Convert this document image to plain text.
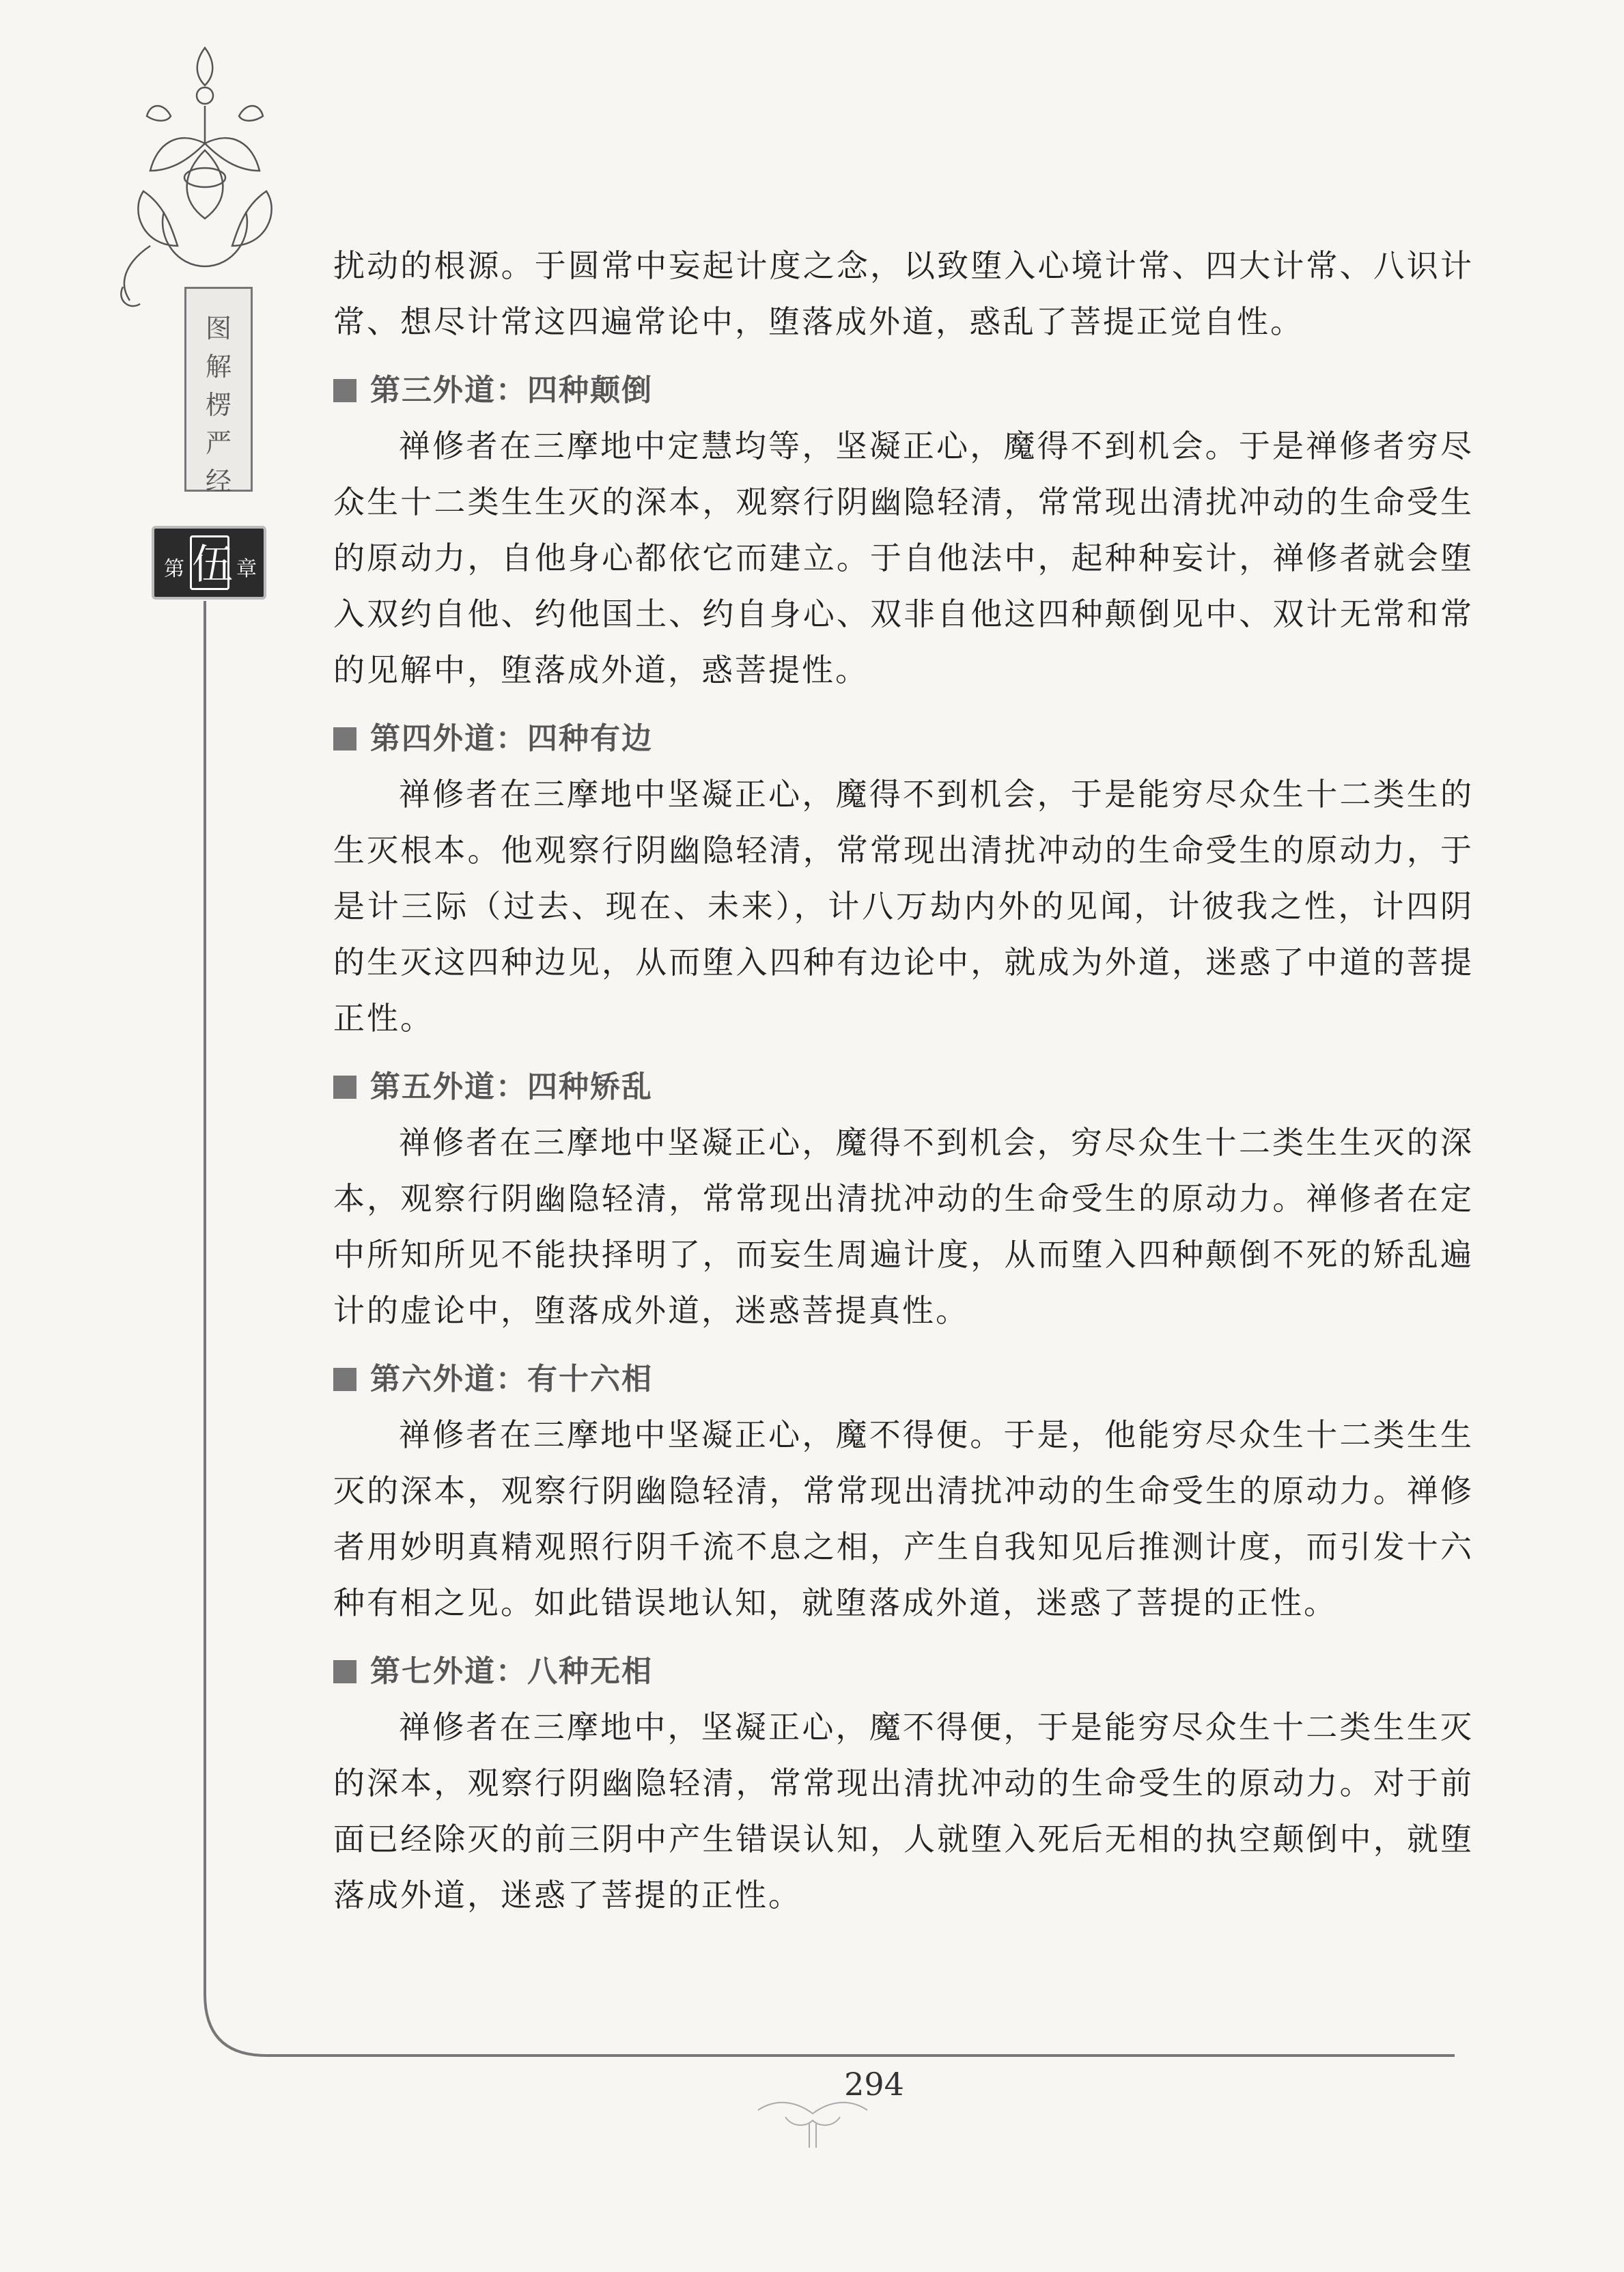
图
解
楞
严
经
第 伍 章

扰动的根源。于圆常中妄起计度之念，以致堕入心境计常、四大计常、八识计常、想尽计常这四遍常论中，堕落成外道，惑乱了菩提正觉自性。

第三外道：四种颠倒

禅修者在三摩地中定慧均等，坚凝正心，魔得不到机会。于是禅修者穷尽众生十二类生生灭的深本，观察行阴幽隐轻清，常常现出清扰冲动的生命受生的原动力，自他身心都依它而建立。于自他法中，起种种妄计，禅修者就会堕入双约自他、约他国土、约自身心、双非自他这四种颠倒见中、双计无常和常的见解中，堕落成外道，惑菩提性。

第四外道：四种有边

禅修者在三摩地中坚凝正心，魔得不到机会，于是能穷尽众生十二类生的生灭根本。他观察行阴幽隐轻清，常常现出清扰冲动的生命受生的原动力，于是计三际（过去、现在、未来），计八万劫内外的见闻，计彼我之性，计四阴的生灭这四种边见，从而堕入四种有边论中，就成为外道，迷惑了中道的菩提正性。

第五外道：四种矫乱

禅修者在三摩地中坚凝正心，魔得不到机会，穷尽众生十二类生生灭的深本，观察行阴幽隐轻清，常常现出清扰冲动的生命受生的原动力。禅修者在定中所知所见不能抉择明了，而妄生周遍计度，从而堕入四种颠倒不死的矫乱遍计的虚论中，堕落成外道，迷惑菩提真性。

第六外道：有十六相

禅修者在三摩地中坚凝正心，魔不得便。于是，他能穷尽众生十二类生生灭的深本，观察行阴幽隐轻清，常常现出清扰冲动的生命受生的原动力。禅修者用妙明真精观照行阴千流不息之相，产生自我知见后推测计度，而引发十六种有相之见。如此错误地认知，就堕落成外道，迷惑了菩提的正性。

第七外道：八种无相

禅修者在三摩地中，坚凝正心，魔不得便，于是能穷尽众生十二类生生灭的深本，观察行阴幽隐轻清，常常现出清扰冲动的生命受生的原动力。对于前面已经除灭的前三阴中产生错误认知，人就堕入死后无相的执空颠倒中，就堕落成外道，迷惑了菩提的正性。

294
